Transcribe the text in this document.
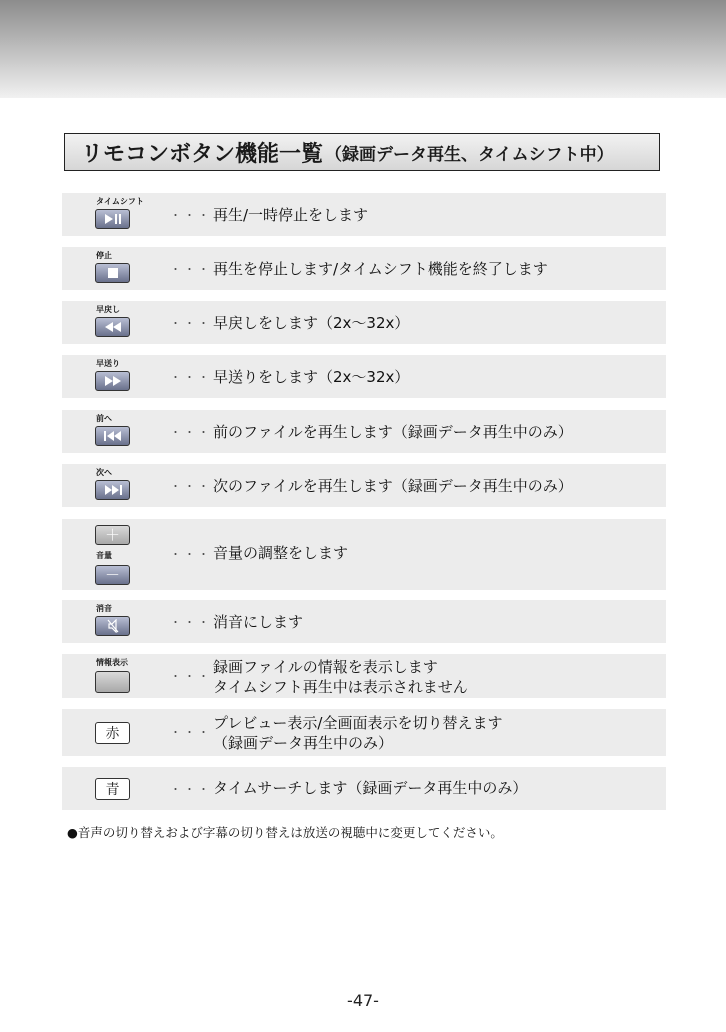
リモコンボタン機能一覧 （録画データ再生、タイムシフト中）
タイムシフト
・・・ 再生/一時停止をします
停止
・・・ 再生を停止します/タイムシフト機能を終了します
早戻し
・・・ 早戻しをします（2x～32x）
早送り
・・・ 早送りをします（2x～32x）
前へ
・・・ 前のファイルを再生します（録画データ再生中のみ）
次へ
・・・ 次のファイルを再生します（録画データ再生中のみ）
＋
音量
－
・・・ 音量の調整をします
消音
・・・ 消音にします
情報表示
・・・
録画ファイルの情報を表示します
タイムシフト再生中は表示されません
赤	・・・
プレビュー表示/全画面表示を切り替えます
（録画データ再生中のみ）
青	・・・ タイムサーチします（録画データ再生中のみ）
●音声の切り替えおよび字幕の切り替えは放送の視聴中に変更してください。
-47-
